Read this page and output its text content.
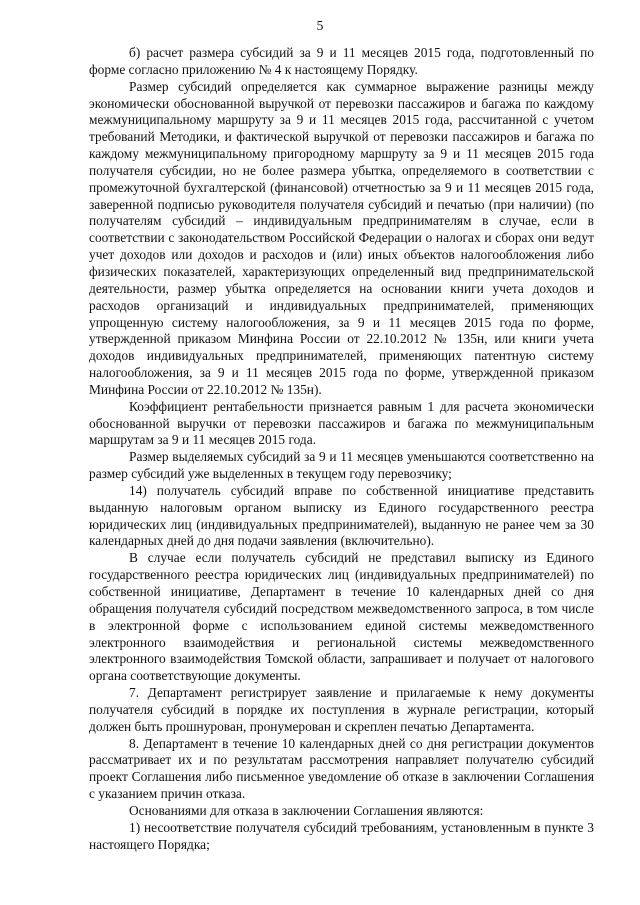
5

б) расчет размера субсидий за 9 и 11 месяцев 2015 года, подготовленный по форме согласно приложению № 4 к настоящему Порядку.

Размер субсидий определяется как суммарное выражение разницы между экономически обоснованной выручкой от перевозки пассажиров и багажа по каждому межмуниципальному маршруту за 9 и 11 месяцев 2015 года, рассчитанной с учетом требований Методики, и фактической выручкой от перевозки пассажиров и багажа по каждому межмуниципальному пригородному маршруту за 9 и 11 месяцев 2015 года получателя субсидии, но не более размера убытка, определяемого в соответствии с промежуточной бухгалтерской (финансовой) отчетностью за 9 и 11 месяцев 2015 года, заверенной подписью руководителя получателя субсидий и печатью (при наличии) (по получателям субсидий – индивидуальным предпринимателям в случае, если в соответствии с законодательством Российской Федерации о налогах и сборах они ведут учет доходов или доходов и расходов и (или) иных объектов налогообложения либо физических показателей, характеризующих определенный вид предпринимательской деятельности, размер убытка определяется на основании книги учета доходов и расходов организаций и индивидуальных предпринимателей, применяющих упрощенную систему налогообложения, за 9 и 11 месяцев 2015 года по форме, утвержденной приказом Минфина России от 22.10.2012 № 135н, или книги учета доходов индивидуальных предпринимателей, применяющих патентную систему налогообложения, за 9 и 11 месяцев 2015 года по форме, утвержденной приказом Минфина России от 22.10.2012 № 135н).

Коэффициент рентабельности признается равным 1 для расчета экономически обоснованной выручки от перевозки пассажиров и багажа по межмуниципальным маршрутам за 9 и 11 месяцев 2015 года.

Размер выделяемых субсидий за 9 и 11 месяцев уменьшаются соответственно на размер субсидий уже выделенных в текущем году перевозчику;

14) получатель субсидий вправе по собственной инициативе представить выданную налоговым органом выписку из Единого государственного реестра юридических лиц (индивидуальных предпринимателей), выданную не ранее чем за 30 календарных дней до дня подачи заявления (включительно).

В случае если получатель субсидий не представил выписку из Единого государственного реестра юридических лиц (индивидуальных предпринимателей) по собственной инициативе, Департамент в течение 10 календарных дней со дня обращения получателя субсидий посредством межведомственного запроса, в том числе в электронной форме с использованием единой системы межведомственного электронного взаимодействия и региональной системы межведомственного электронного взаимодействия Томской области, запрашивает и получает от налогового органа соответствующие документы.

7. Департамент регистрирует заявление и прилагаемые к нему документы получателя субсидий в порядке их поступления в журнале регистрации, который должен быть прошнурован, пронумерован и скреплен печатью Департамента.

8. Департамент в течение 10 календарных дней со дня регистрации документов рассматривает их и по результатам рассмотрения направляет получателю субсидий проект Соглашения либо письменное уведомление об отказе в заключении Соглашения с указанием причин отказа.

Основаниями для отказа в заключении Соглашения являются:

1) несоответствие получателя субсидий требованиям, установленным в пункте 3 настоящего Порядка;
